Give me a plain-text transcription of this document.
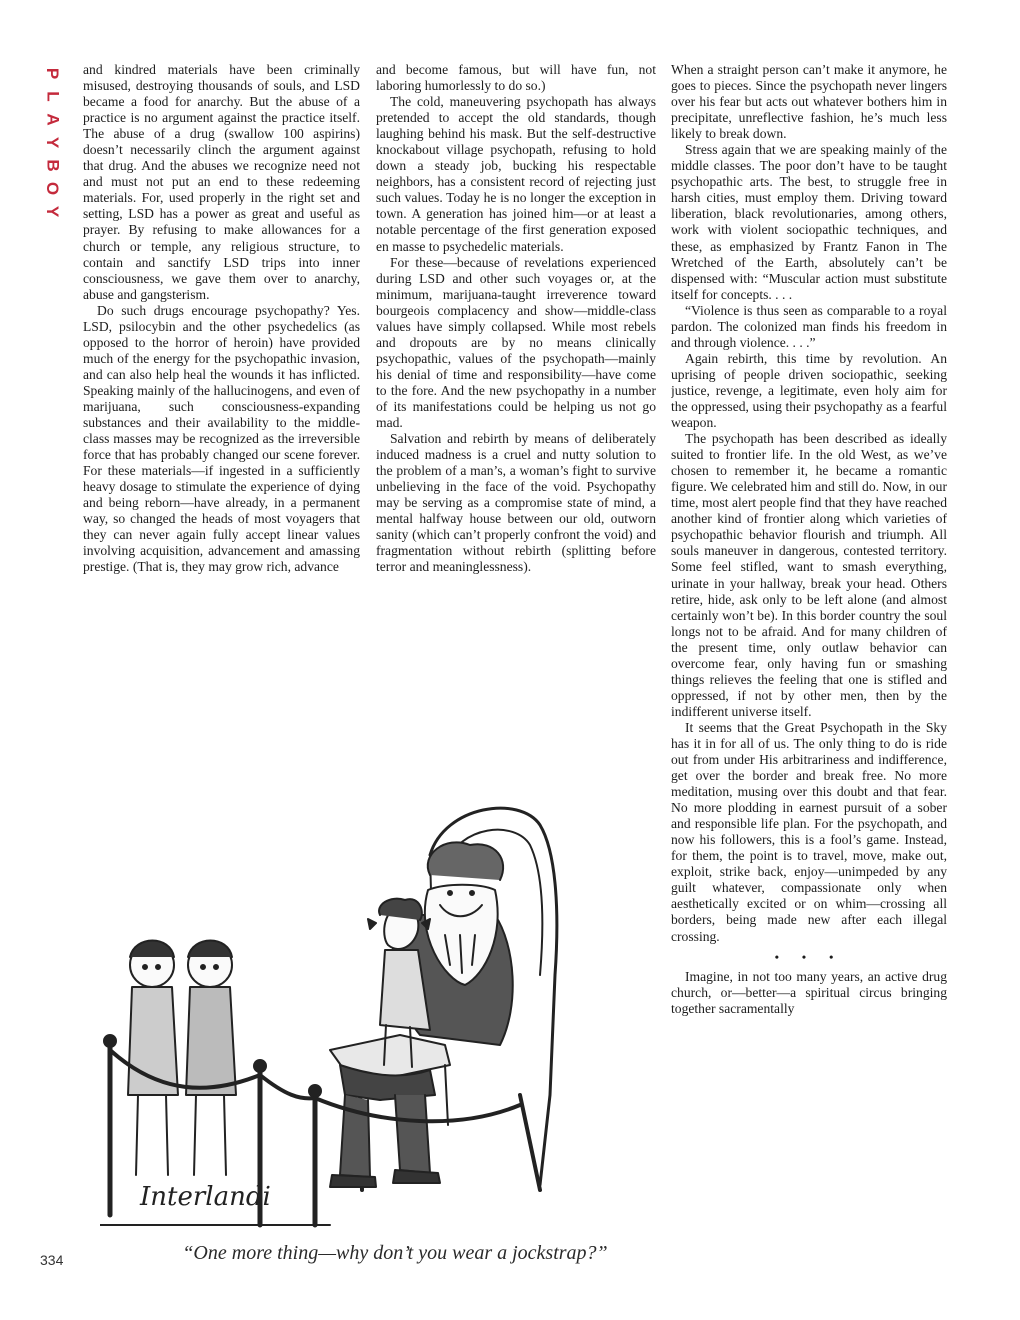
P
L
A
Y
B
O
Y

and kindred materials have been criminally misused, destroying thousands of souls, and LSD became a food for anarchy. But the abuse of a practice is no argument against the practice itself. The abuse of a drug (swallow 100 aspirins) doesn’t necessarily clinch the argument against that drug. And the abuses we recognize need not and must not put an end to these redeeming materials. For, used properly in the right set and setting, LSD has a power as great and useful as prayer. By refusing to make allowances for a church or temple, any religious structure, to contain and sanctify LSD trips into inner consciousness, we gave them over to anarchy, abuse and gangsterism.

Do such drugs encourage psychopathy? Yes. LSD, psilocybin and the other psychedelics (as opposed to the horror of heroin) have provided much of the energy for the psychopathic invasion, and can also help heal the wounds it has inflicted. Speaking mainly of the hallucinogens, and even of marijuana, such consciousness-expanding substances and their availability to the middle-class masses may be recognized as the irreversible force that has probably changed our scene forever. For these materials—if ingested in a sufficiently heavy dosage to stimulate the experience of dying and being reborn—have already, in a permanent way, so changed the heads of most voyagers that they can never again fully accept linear values involving acquisition, advancement and amassing prestige. (That is, they may grow rich, advance

and become famous, but will have fun, not laboring humorlessly to do so.)

The cold, maneuvering psychopath has always pretended to accept the old standards, though laughing behind his mask. But the self-destructive knockabout village psychopath, refusing to hold down a steady job, bucking his respectable neighbors, has a consistent record of rejecting just such values. Today he is no longer the exception in town. A generation has joined him—or at least a notable percentage of the first generation exposed en masse to psychedelic materials.

For these—because of revelations experienced during LSD and other such voyages or, at the minimum, marijuana-taught irreverence toward bourgeois complacency and show—middle-class values have simply collapsed. While most rebels and dropouts are by no means clinically psychopathic, values of the psychopath—mainly his denial of time and responsibility—have come to the fore. And the new psychopathy in a number of its manifestations could be helping us not go mad.

Salvation and rebirth by means of deliberately induced madness is a cruel and nutty solution to the problem of a man’s, a woman’s fight to survive unbelieving in the face of the void. Psychopathy may be serving as a compromise state of mind, a mental halfway house between our old, outworn sanity (which can’t properly confront the void) and fragmentation without rebirth (splitting before terror and meaninglessness).

When a straight person can’t make it anymore, he goes to pieces. Since the psychopath never lingers over his fear but acts out whatever bothers him in precipitate, unreflective fashion, he’s much less likely to break down.

Stress again that we are speaking mainly of the middle classes. The poor don’t have to be taught psychopathic arts. The best, to struggle free in harsh cities, must employ them. Driving toward liberation, black revolutionaries, among others, work with violent sociopathic techniques, and these, as emphasized by Frantz Fanon in The Wretched of the Earth, absolutely can’t be dispensed with: “Muscular action must substitute itself for concepts. . . .

“Violence is thus seen as comparable to a royal pardon. The colonized man finds his freedom in and through violence. . . .”

Again rebirth, this time by revolution. An uprising of people driven sociopathic, seeking justice, revenge, a legitimate, even holy aim for the oppressed, using their psychopathy as a fearful weapon.

The psychopath has been described as ideally suited to frontier life. In the old West, as we’ve chosen to remember it, he became a romantic figure. We celebrated him and still do. Now, in our time, most alert people find that they have reached another kind of frontier along which varieties of psychopathic behavior flourish and triumph. All souls maneuver in dangerous, contested territory. Some feel stifled, want to smash everything, urinate in your hallway, break your head. Others retire, hide, ask only to be left alone (and almost certainly won’t be). In this border country the soul longs not to be afraid. And for many children of the present time, only outlaw behavior can overcome fear, only having fun or smashing things relieves the feeling that one is stifled and oppressed, if not by other men, then by the indifferent universe itself.

It seems that the Great Psychopath in the Sky has it in for all of us. The only thing to do is ride out from under His arbitrariness and indifference, get over the border and break free. No more meditation, musing over this doubt and that fear. No more plodding in earnest pursuit of a sober and responsible life plan. For the psychopath, and now his followers, this is a fool’s game. Instead, for them, the point is to travel, move, make out, exploit, strike back, enjoy—unimpeded by any guilt whatever, compassionate only when aesthetically excited or on whim—crossing all borders, being made new after each illegal crossing.

• • •

Imagine, in not too many years, an active drug church, or—better—a spiritual circus bringing together sacramentally

Interlandi
“One more thing—why don’t you wear a jockstrap?”
334
